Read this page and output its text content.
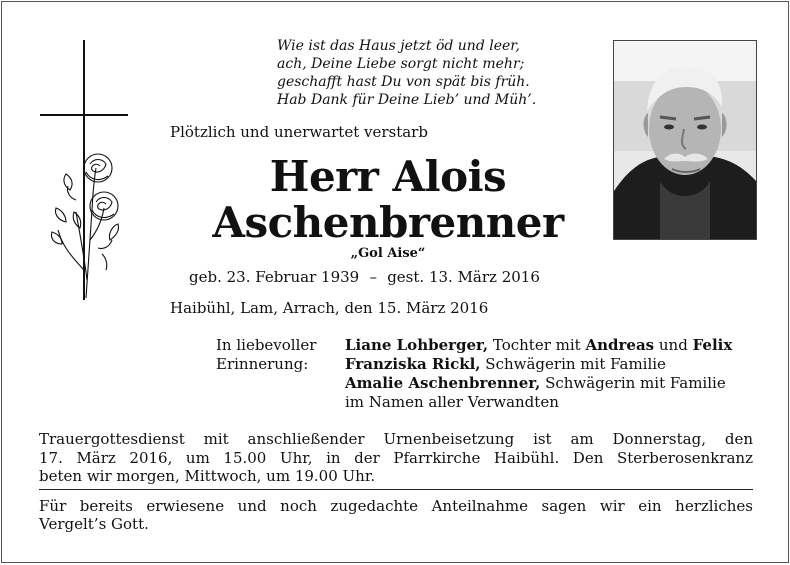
Wie ist das Haus jetzt öd und leer,
ach, Deine Liebe sorgt nicht mehr;
geschafft hast Du von spät bis früh.
Hab Dank für Deine Lieb’ und Müh’.
Plötzlich und unerwartet verstarb
Herr Alois
Aschenbrenner
„Gol Aise“
geb. 23. Februar 1939 – gest. 13. März 2016
Haibühl, Lam, Arrach, den 15. März 2016
In liebevoller
Erinnerung:
Liane Lohberger, Tochter mit Andreas und Felix
Franziska Rickl, Schwägerin mit Familie
Amalie Aschenbrenner, Schwägerin mit Familie
im Namen aller Verwandten
Trauergottesdienst mit anschließender Urnenbeisetzung ist am Donnerstag, den
17. März 2016, um 15.00 Uhr, in der Pfarrkirche Haibühl. Den Sterberosenkranz
beten wir morgen, Mittwoch, um 19.00 Uhr.
Für bereits erwiesene und noch zugedachte Anteilnahme sagen wir ein herzliches
Vergelt’s Gott.
